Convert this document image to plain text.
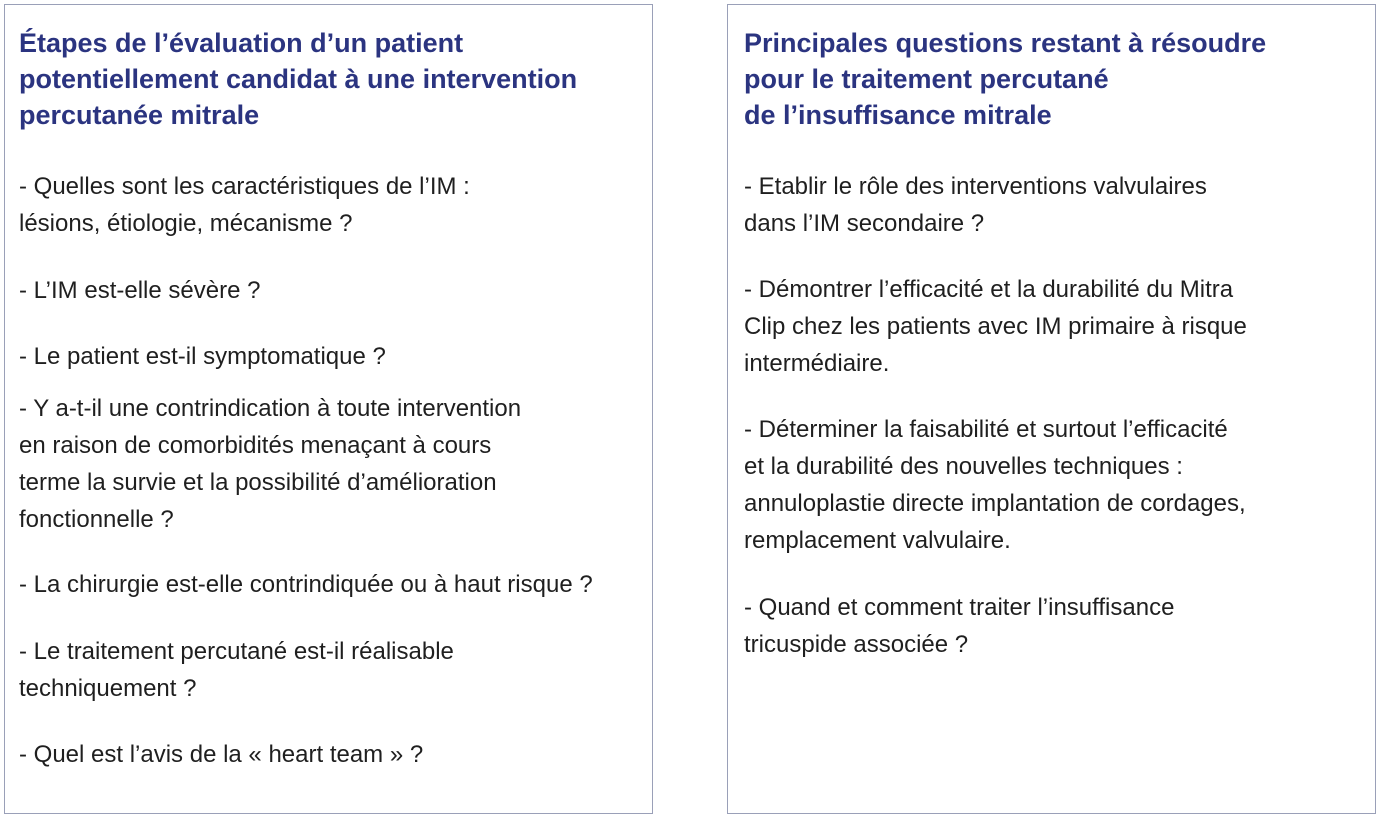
Étapes de l’évaluation d’un patient
potentiellement candidat à une intervention
percutanée mitrale

- Quelles sont les caractéristiques de l’IM :
lésions, étiologie, mécanisme ?

- L’IM est-elle sévère ?

- Le patient est-il symptomatique ?

- Y a-t-il une contrindication à toute intervention
en raison de comorbidités menaçant à cours
terme la survie et la possibilité d’amélioration
fonctionnelle ?

- La chirurgie est-elle contrindiquée ou à haut risque ?

- Le traitement percutané est-il réalisable
techniquement ?

- Quel est l’avis de la « heart team » ?

Principales questions restant à résoudre
pour le traitement percutané
de l’insuffisance mitrale

- Etablir le rôle des interventions valvulaires
dans l’IM secondaire ?

- Démontrer l’efficacité et la durabilité du Mitra
Clip chez les patients avec IM primaire à risque
intermédiaire.

- Déterminer la faisabilité et surtout l’efficacité
et la durabilité des nouvelles techniques :
annuloplastie directe implantation de cordages,
remplacement valvulaire.

- Quand et comment traiter l’insuffisance
tricuspide associée ?
